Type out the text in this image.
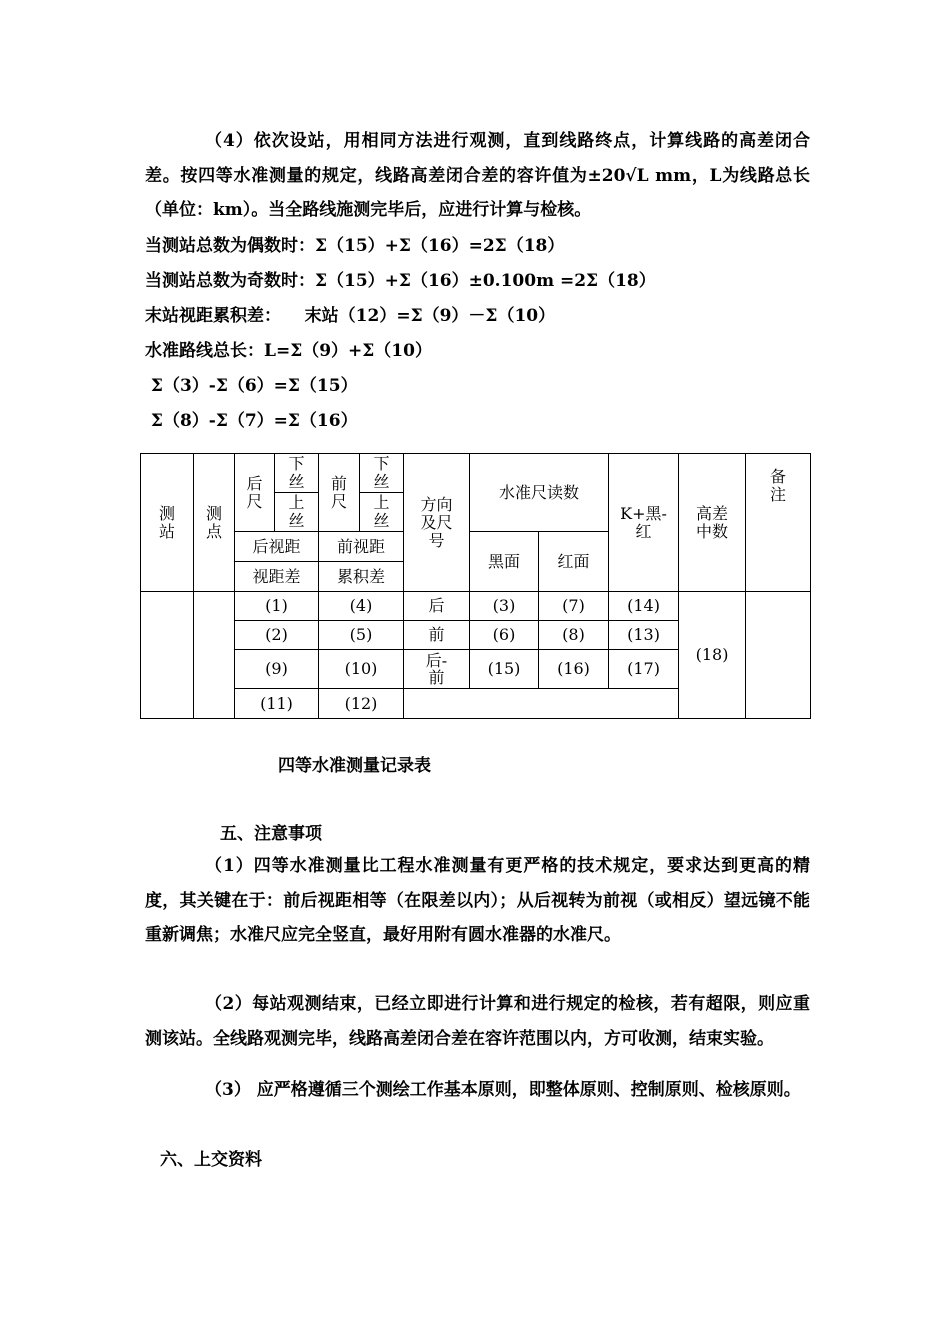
（4）依次设站，用相同方法进行观测，直到线路终点，计算线路的高差闭合差。按四等水准测量的规定，线路高差闭合差的容许值为±20√L mm，L为线路总长（单位：km）。当全路线施测完毕后，应进行计算与检核。
当测站总数为偶数时：Σ（15）+Σ（16）=2Σ（18）
当测站总数为奇数时：Σ（15）+Σ（16）±0.100m =2Σ（18）
末站视距累积差：    末站（12）=Σ（9）－Σ（10）
水准路线总长：L=Σ（9）+Σ（10）
Σ（3）-Σ（6）=Σ（15）
Σ（8）-Σ（7）=Σ（16）
测站	测点	后尺	下丝	前尺	下丝	方向及尺号	水准尺读数		K+黑-红	高差中数	备注

			上丝		上丝						

		后视距		前视距			黑面	红面			
		视距差		累积差							
		(1)		(4)		后	(3)	(7)	(14)	(18)	
		(2)		(5)		前	(6)	(8)	(13)		
		(9)		(10)		后-前	(15)	(16)	(17)		
		(11)		(12)							
四等水准测量记录表
五、注意事项
（1）四等水准测量比工程水准测量有更严格的技术规定，要求达到更高的精度，其关键在于：前后视距相等（在限差以内）；从后视转为前视（或相反）望远镜不能重新调焦；水准尺应完全竖直，最好用附有圆水准器的水准尺。
（2）每站观测结束，已经立即进行计算和进行规定的检核，若有超限，则应重测该站。全线路观测完毕，线路高差闭合差在容许范围以内，方可收测，结束实验。
（3） 应严格遵循三个测绘工作基本原则，即整体原则、控制原则、检核原则。
六、上交资料
